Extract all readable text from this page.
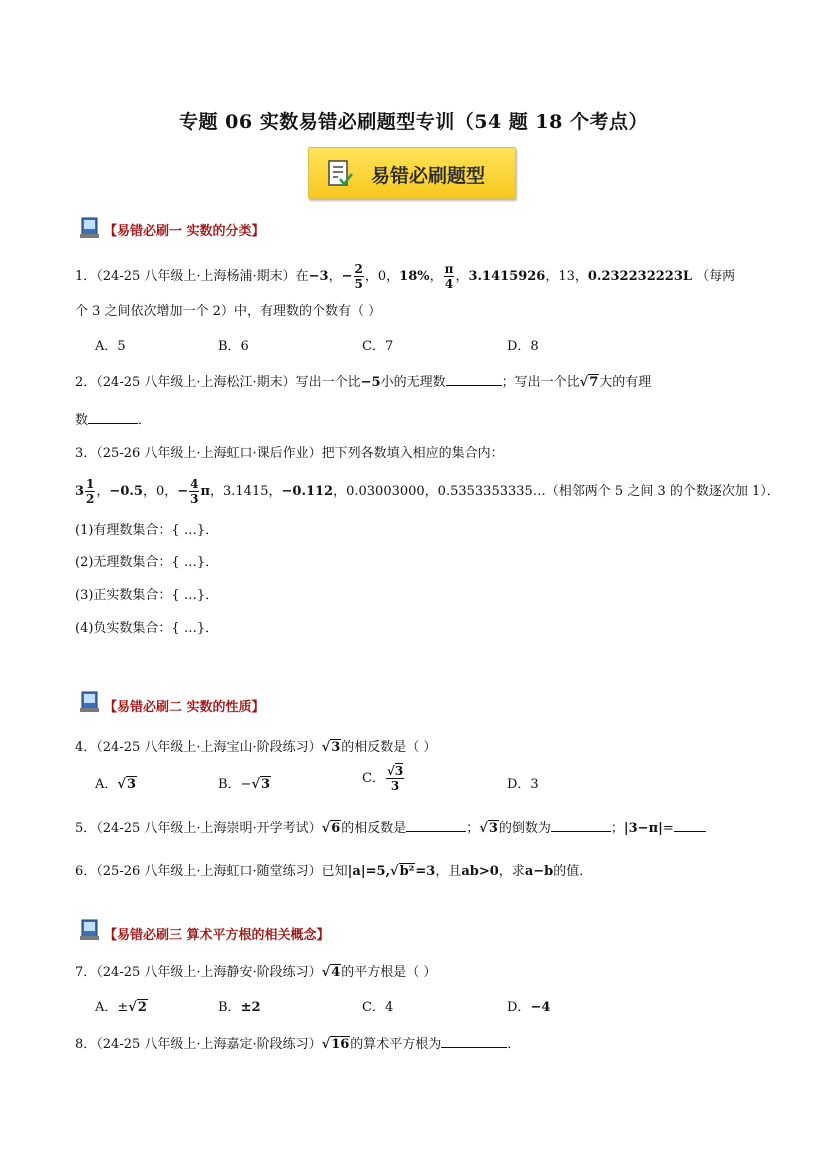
专题 06 实数易错必刷题型专训（54 题 18 个考点）
易错必刷题型
【易错必刷一 实数的分类】
1．（24-25 八年级上·上海杨浦·期末）在−3，− $\frac{2}{5}$ ，0，18%， $\frac{\pi}{4}$ ，3.1415926，13，0.232232223L （每两
个 3 之间依次增加一个 2）中，有理数的个数有（ ）
A．5	B．6	C．7	D．8
2．（24-25 八年级上·上海松江·期末）写出一个比−5小的无理数	；写出一个比√7大的有理
数	．
3．（25-26 八年级上·上海虹口·课后作业）把下列各数填入相应的集合内：
$3 \frac{1}{2}$ ，−0.5，0，− $\frac{4}{3}$ π，3.1415，−0.112，0.03003000，0.5353353335…（相邻两个 5 之间 3 的个数逐次加 1）．
(1)有理数集合：{ …}．
(2)无理数集合：{ …}．
(3)正实数集合：{ …}．
(4)负实数集合：{ …}．
【易错必刷二 实数的性质】
4．（24-25 八年级上·上海宝山·阶段练习）√3的相反数是（ ）
A．√3	B．−√3	C． $\frac{√3}{3}$	D．3
5．（24-25 八年级上·上海崇明·开学考试）√6的相反数是	；√3的倒数为	；|3−π|=
6．（25-26 八年级上·上海虹口·随堂练习）已知|a|=5,√b²=3，且ab>0，求a−b的值．
【易错必刷三 算术平方根的相关概念】
7．（24-25 八年级上·上海静安·阶段练习）√4的平方根是（ ）
A．±√2	B．±2	C．4	D．−4
8．（24-25 八年级上·上海嘉定·阶段练习）√16的算术平方根为	．
